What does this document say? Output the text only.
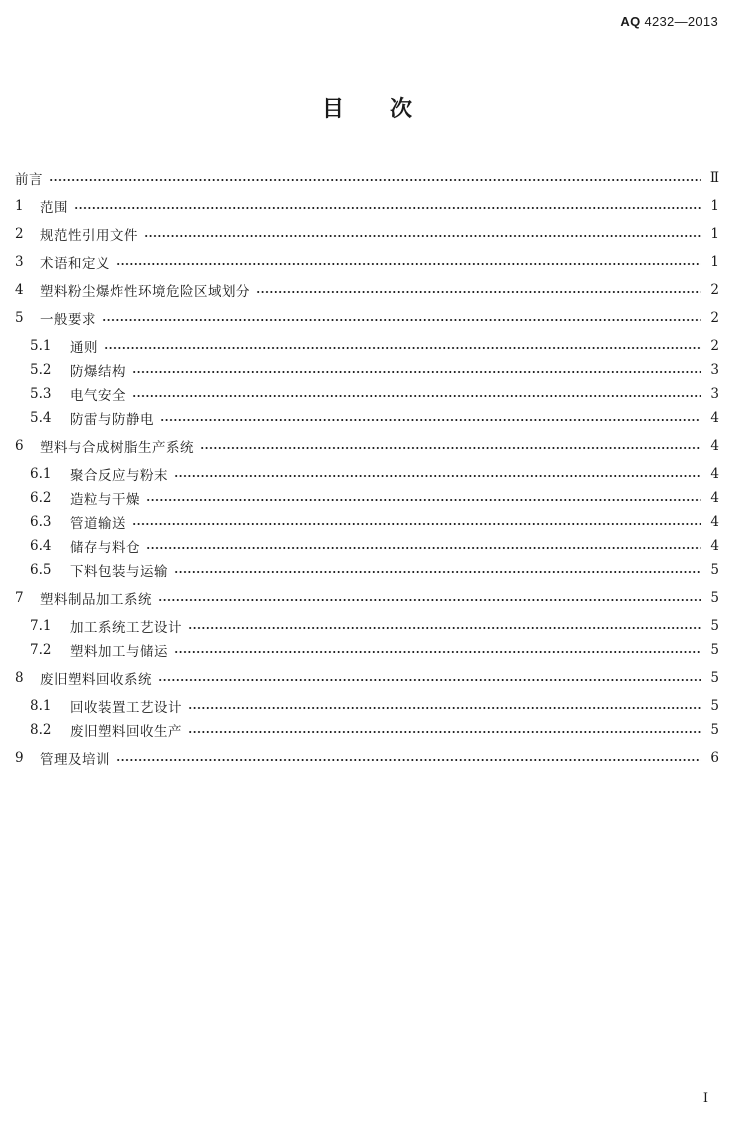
AQ 4232—2013
目 次
前言	Ⅱ
1	范围	1
2	规范性引用文件	1
3	术语和定义	1
4	塑料粉尘爆炸性环境危险区域划分	2
5	一般要求	2
5.1	通则	2
5.2	防爆结构	3
5.3	电气安全	3
5.4	防雷与防静电	4
6	塑料与合成树脂生产系统	4
6.1	聚合反应与粉末	4
6.2	造粒与干燥	4
6.3	管道输送	4
6.4	储存与料仓	4
6.5	下料包装与运输	5
7	塑料制品加工系统	5
7.1	加工系统工艺设计	5
7.2	塑料加工与储运	5
8	废旧塑料回收系统	5
8.1	回收装置工艺设计	5
8.2	废旧塑料回收生产	5
9	管理及培训	6
Ⅰ
